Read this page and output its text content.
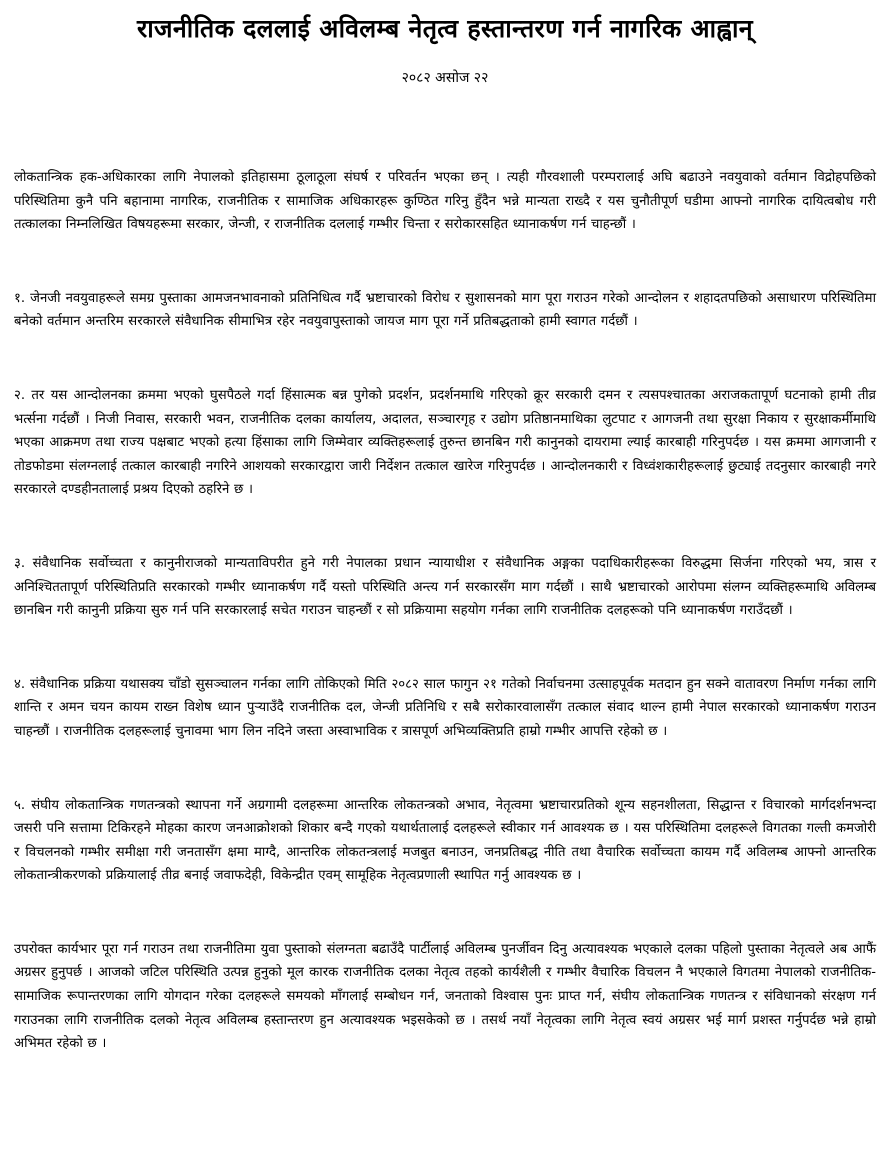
राजनीतिक दललाई अविलम्ब नेतृत्व हस्तान्तरण गर्न नागरिक आह्वान्
२०८२ असोज २२

लोकतान्त्रिक हक-अधिकारका लागि नेपालको इतिहासमा ठूलाठूला संघर्ष र परिवर्तन भएका छन् । त्यही गौरवशाली परम्परालाई अघि बढाउने नवयुवाको वर्तमान विद्रोहपछिको परिस्थितिमा कुनै पनि बहानामा नागरिक, राजनीतिक र सामाजिक अधिकारहरू कुण्ठित गरिनु हुँदैन भन्ने मान्यता राख्दै र यस चुनौतीपूर्ण घडीमा आफ्नो नागरिक दायित्वबोध गरी तत्कालका निम्नलिखित विषयहरूमा सरकार, जेन्जी, र राजनीतिक दललाई गम्भीर चिन्ता र सरोकारसहित ध्यानाकर्षण गर्न चाहन्छौं ।

१. जेनजी नवयुवाहरूले समग्र पुस्ताका आमजनभावनाको प्रतिनिधित्व गर्दै भ्रष्टाचारको विरोध र सुशासनको माग पूरा गराउन गरेको आन्दोलन र शहादतपछिको असाधारण परिस्थितिमा बनेको वर्तमान अन्तरिम सरकारले संवैधानिक सीमाभित्र रहेर नवयुवापुस्ताको जायज माग पूरा गर्ने प्रतिबद्धताको हामी स्वागत गर्दछौं ।

२. तर यस आन्दोलनका क्रममा भएको घुसपैठले गर्दा हिंसात्मक बन्न पुगेको प्रदर्शन, प्रदर्शनमाथि गरिएको क्रूर सरकारी दमन र त्यसपश्चातका अराजकतापूर्ण घटनाको हामी तीव्र भर्त्सना गर्दछौं । निजी निवास, सरकारी भवन, राजनीतिक दलका कार्यालय, अदालत, सञ्चारगृह र उद्योग प्रतिष्ठानमाथिका लुटपाट र आगजनी तथा सुरक्षा निकाय र सुरक्षाकर्मीमाथि भएका आक्रमण तथा राज्य पक्षबाट भएको हत्या हिंसाका लागि जिम्मेवार व्यक्तिहरूलाई तुरुन्त छानबिन गरी कानुनको दायरामा ल्याई कारबाही गरिनुपर्दछ । यस क्रममा आगजानी र तोडफोडमा संलग्नलाई तत्काल कारबाही नगरिने आशयको सरकारद्वारा जारी निर्देशन तत्काल खारेज गरिनुपर्दछ । आन्दोलनकारी र विध्वंशकारीहरूलाई छुट्याई तदनुसार कारबाही नगरे सरकारले दण्डहीनतालाई प्रश्रय दिएको ठहरिने छ ।

३. संवैधानिक सर्वोच्चता र कानुनीराजको मान्यताविपरीत हुने गरी नेपालका प्रधान न्यायाधीश र संवैधानिक अङ्गका पदाधिकारीहरूका विरुद्धमा सिर्जना गरिएको भय, त्रास र अनिश्चिततापूर्ण परिस्थितिप्रति सरकारको गम्भीर ध्यानाकर्षण गर्दै यस्तो परिस्थिति अन्त्य गर्न सरकारसँग माग गर्दछौं । साथै भ्रष्टाचारको आरोपमा संलग्न व्यक्तिहरूमाथि अविलम्ब छानबिन गरी कानुनी प्रक्रिया सुरु गर्न पनि सरकारलाई सचेत गराउन चाहन्छौं र सो प्रक्रियामा सहयोग गर्नका लागि राजनीतिक दलहरूको पनि ध्यानाकर्षण गराउँदछौं ।

४. संवैधानिक प्रक्रिया यथासक्य चाँडो सुसञ्चालन गर्नका लागि तोकिएको मिति २०८२ साल फागुन २१ गतेको निर्वाचनमा उत्साहपूर्वक मतदान हुन सक्ने वातावरण निर्माण गर्नका लागि शान्ति र अमन चयन कायम राख्न विशेष ध्यान पुऱ्याउँदै राजनीतिक दल, जेन्जी प्रतिनिधि र सबै सरोकारवालासँग तत्काल संवाद थाल्न हामी नेपाल सरकारको ध्यानाकर्षण गराउन चाहन्छौं । राजनीतिक दलहरूलाई चुनावमा भाग लिन नदिने जस्ता अस्वाभाविक र त्रासपूर्ण अभिव्यक्तिप्रति हाम्रो गम्भीर आपत्ति रहेको छ ।

५. संघीय लोकतान्त्रिक गणतन्त्रको स्थापना गर्ने अग्रगामी दलहरूमा आन्तरिक लोकतन्त्रको अभाव, नेतृत्वमा भ्रष्टाचारप्रतिको शून्य सहनशीलता, सिद्धान्त र विचारको मार्गदर्शनभन्दा जसरी पनि सत्तामा टिकिरहने मोहका कारण जनआक्रोशको शिकार बन्दै गएको यथार्थतालाई दलहरूले स्वीकार गर्न आवश्यक छ । यस परिस्थितिमा दलहरूले विगतका गल्ती कमजोरी र विचलनको गम्भीर समीक्षा गरी जनतासँग क्षमा माग्दै, आन्तरिक लोकतन्त्रलाई मजबुत बनाउन, जनप्रतिबद्ध नीति तथा वैचारिक सर्वोच्चता कायम गर्दै अविलम्ब आफ्नो आन्तरिक लोकतान्त्रीकरणको प्रक्रियालाई तीव्र बनाई जवाफदेही, विकेन्द्रीत एवम् सामूहिक नेतृत्वप्रणाली स्थापित गर्नु आवश्यक छ ।

उपरोक्त कार्यभार पूरा गर्न गराउन तथा राजनीतिमा युवा पुस्ताको संलग्नता बढाउँदै पार्टीलाई अविलम्ब पुनर्जीवन दिनु अत्यावश्यक भएकाले दलका पहिलो पुस्ताका नेतृत्वले अब आफैं अग्रसर हुनुपर्छ । आजको जटिल परिस्थिति उत्पन्न हुनुको मूल कारक राजनीतिक दलका नेतृत्व तहको कार्यशैली र गम्भीर वैचारिक विचलन नै भएकाले विगतमा नेपालको राजनीतिक-सामाजिक रूपान्तरणका लागि योगदान गरेका दलहरूले समयको माँगलाई सम्बोधन गर्न, जनताको विश्वास पुनः प्राप्त गर्न, संघीय लोकतान्त्रिक गणतन्त्र र संविधानको संरक्षण गर्न गराउनका लागि राजनीतिक दलको नेतृत्व अविलम्ब हस्तान्तरण हुन अत्यावश्यक भइसकेको छ । तसर्थ नयाँ नेतृत्वका लागि नेतृत्व स्वयं अग्रसर भई मार्ग प्रशस्त गर्नुपर्दछ भन्ने हाम्रो अभिमत रहेको छ ।
